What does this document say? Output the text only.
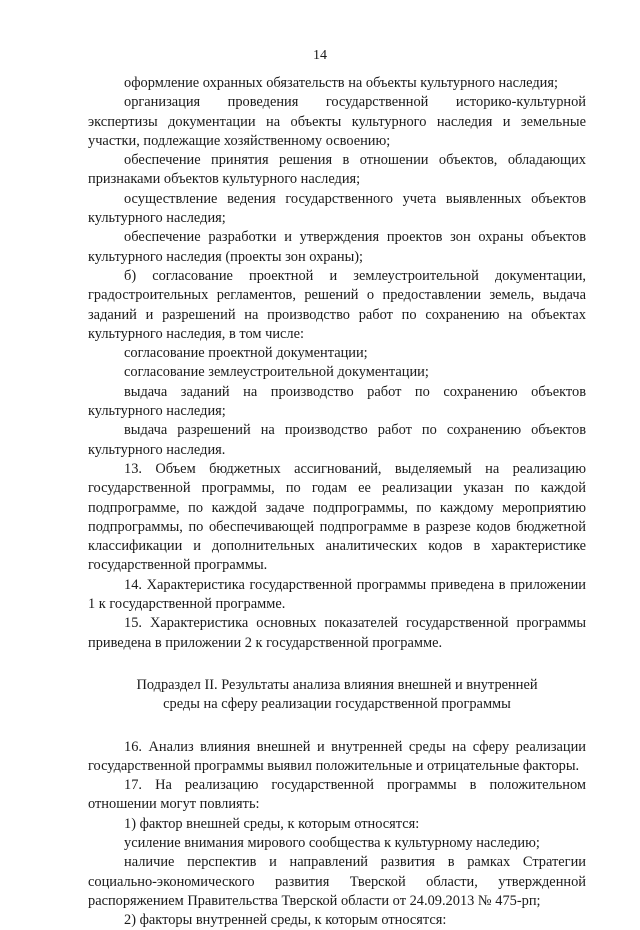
14

оформление охранных обязательств на объекты культурного наследия;

организация проведения государственной историко-культурной экспертизы документации на объекты культурного наследия и земельные участки, подлежащие хозяйственному освоению;

обеспечение принятия решения в отношении объектов, обладающих признаками объектов культурного наследия;

осуществление ведения государственного учета выявленных объектов культурного наследия;

обеспечение разработки и утверждения проектов зон охраны объектов культурного наследия (проекты зон охраны);

б) согласование проектной и землеустроительной документации, градостроительных регламентов, решений о предоставлении земель, выдача заданий и разрешений на производство работ по сохранению на объектах культурного наследия, в том числе:

согласование проектной документации;

согласование землеустроительной документации;

выдача заданий на производство работ по сохранению объектов культурного наследия;

выдача разрешений на производство работ по сохранению объектов культурного наследия.

13. Объем бюджетных ассигнований, выделяемый на реализацию государственной программы, по годам ее реализации указан по каждой подпрограмме, по каждой задаче подпрограммы, по каждому мероприятию подпрограммы, по обеспечивающей подпрограмме в разрезе кодов бюджетной классификации и дополнительных аналитических кодов в характеристике государственной программы.

14. Характеристика государственной программы приведена в приложении 1 к государственной программе.

15. Характеристика основных показателей государственной программы приведена в приложении 2 к государственной программе.

Подраздел II. Результаты анализа влияния внешней и внутренней
среды на сферу реализации государственной программы

16. Анализ влияния внешней и внутренней среды на сферу реализации государственной программы выявил положительные и отрицательные факторы.

17. На реализацию государственной программы в положительном отношении могут повлиять:

1) фактор внешней среды, к которым относятся:

усиление внимания мирового сообщества к культурному наследию;

наличие перспектив и направлений развития в рамках Стратегии социально-экономического развития Тверской области, утвержденной распоряжением Правительства Тверской области от 24.09.2013 № 475-рп;

2) факторы внутренней среды, к которым относятся:
